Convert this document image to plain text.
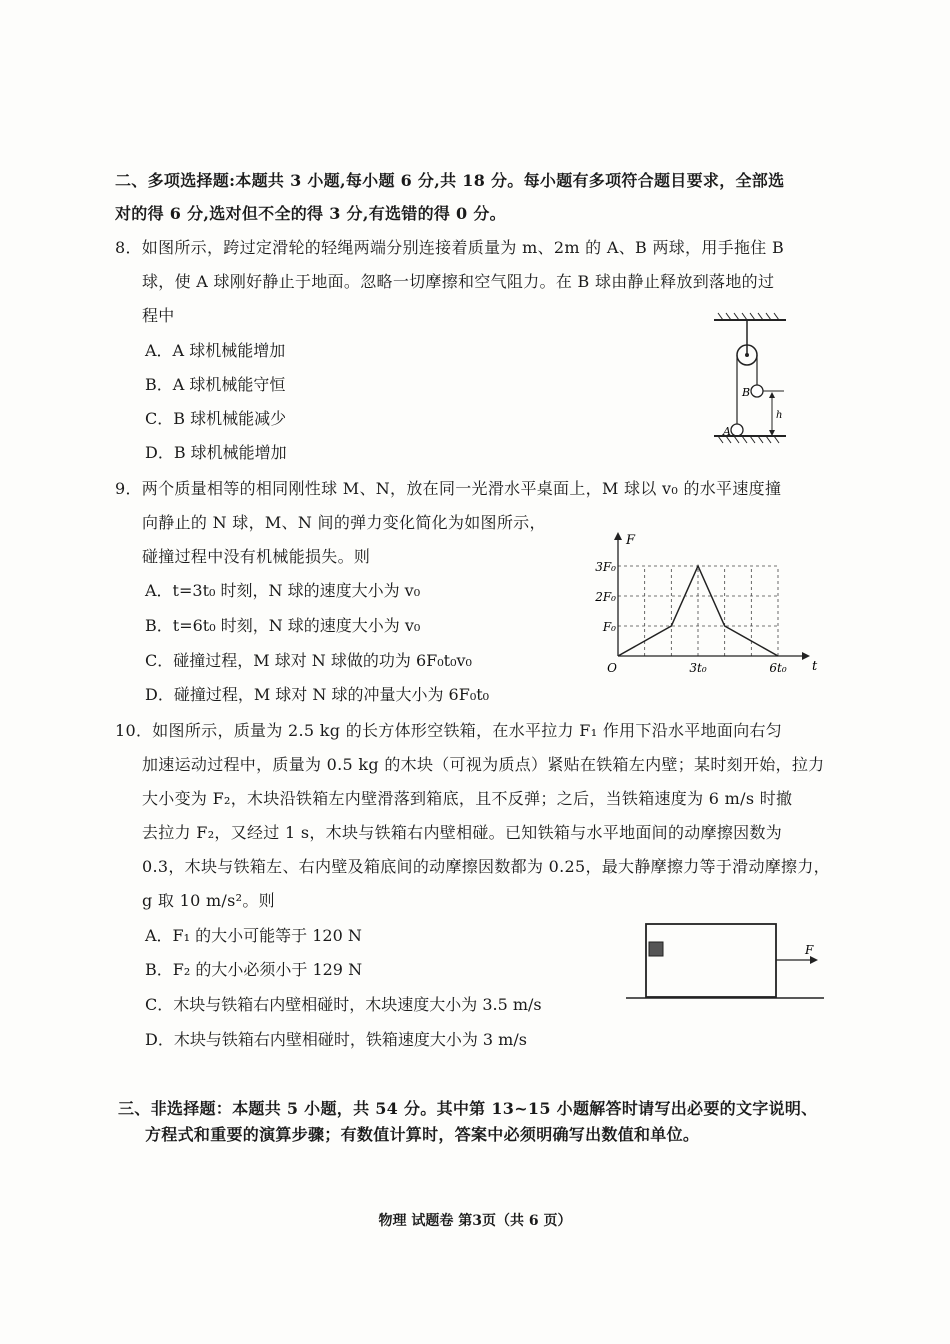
二、多项选择题:本题共 3 小题,每小题 6 分,共 18 分。每小题有多项符合题目要求，全部选
对的得 6 分,选对但不全的得 3 分,有选错的得 0 分。
8．如图所示，跨过定滑轮的轻绳两端分别连接着质量为 m、2m 的 A、B 两球，用手拖住 B
球，使 A 球刚好静止于地面。忽略一切摩擦和空气阻力。在 B 球由静止释放到落地的过
程中
A．A 球机械能增加
B．A 球机械能守恒
C．B 球机械能减少
D．B 球机械能增加
B
A
h
9．两个质量相等的相同刚性球 M、N，放在同一光滑水平桌面上，M 球以 v₀ 的水平速度撞
向静止的 N 球，M、N 间的弹力变化简化为如图所示，
碰撞过程中没有机械能损失。则
A．t=3t₀ 时刻，N 球的速度大小为 v₀
B．t=6t₀ 时刻，N 球的速度大小为 v₀
C．碰撞过程，M 球对 N 球做的功为 6F₀t₀v₀
D．碰撞过程，M 球对 N 球的冲量大小为 6F₀t₀
F
t
F₀
2F₀
3F₀
O	3t₀	6t₀
10．如图所示，质量为 2.5 kg 的长方体形空铁箱，在水平拉力 F₁ 作用下沿水平地面向右匀
加速运动过程中，质量为 0.5 kg 的木块（可视为质点）紧贴在铁箱左内壁；某时刻开始，拉力
大小变为 F₂，木块沿铁箱左内壁滑落到箱底，且不反弹；之后，当铁箱速度为 6 m/s 时撤
去拉力 F₂，又经过 1 s，木块与铁箱右内壁相碰。已知铁箱与水平地面间的动摩擦因数为
0.3，木块与铁箱左、右内壁及箱底间的动摩擦因数都为 0.25，最大静摩擦力等于滑动摩擦力，
g 取 10 m/s²。则
A．F₁ 的大小可能等于 120 N
B．F₂ 的大小必须小于 129 N
C．木块与铁箱右内壁相碰时，木块速度大小为 3.5 m/s
D．木块与铁箱右内壁相碰时，铁箱速度大小为 3 m/s
F
三、非选择题：本题共 5 小题，共 54 分。其中第 13~15 小题解答时请写出必要的文字说明、
方程式和重要的演算步骤；有数值计算时，答案中必须明确写出数值和单位。
物理 试题卷 第3页（共 6 页）
